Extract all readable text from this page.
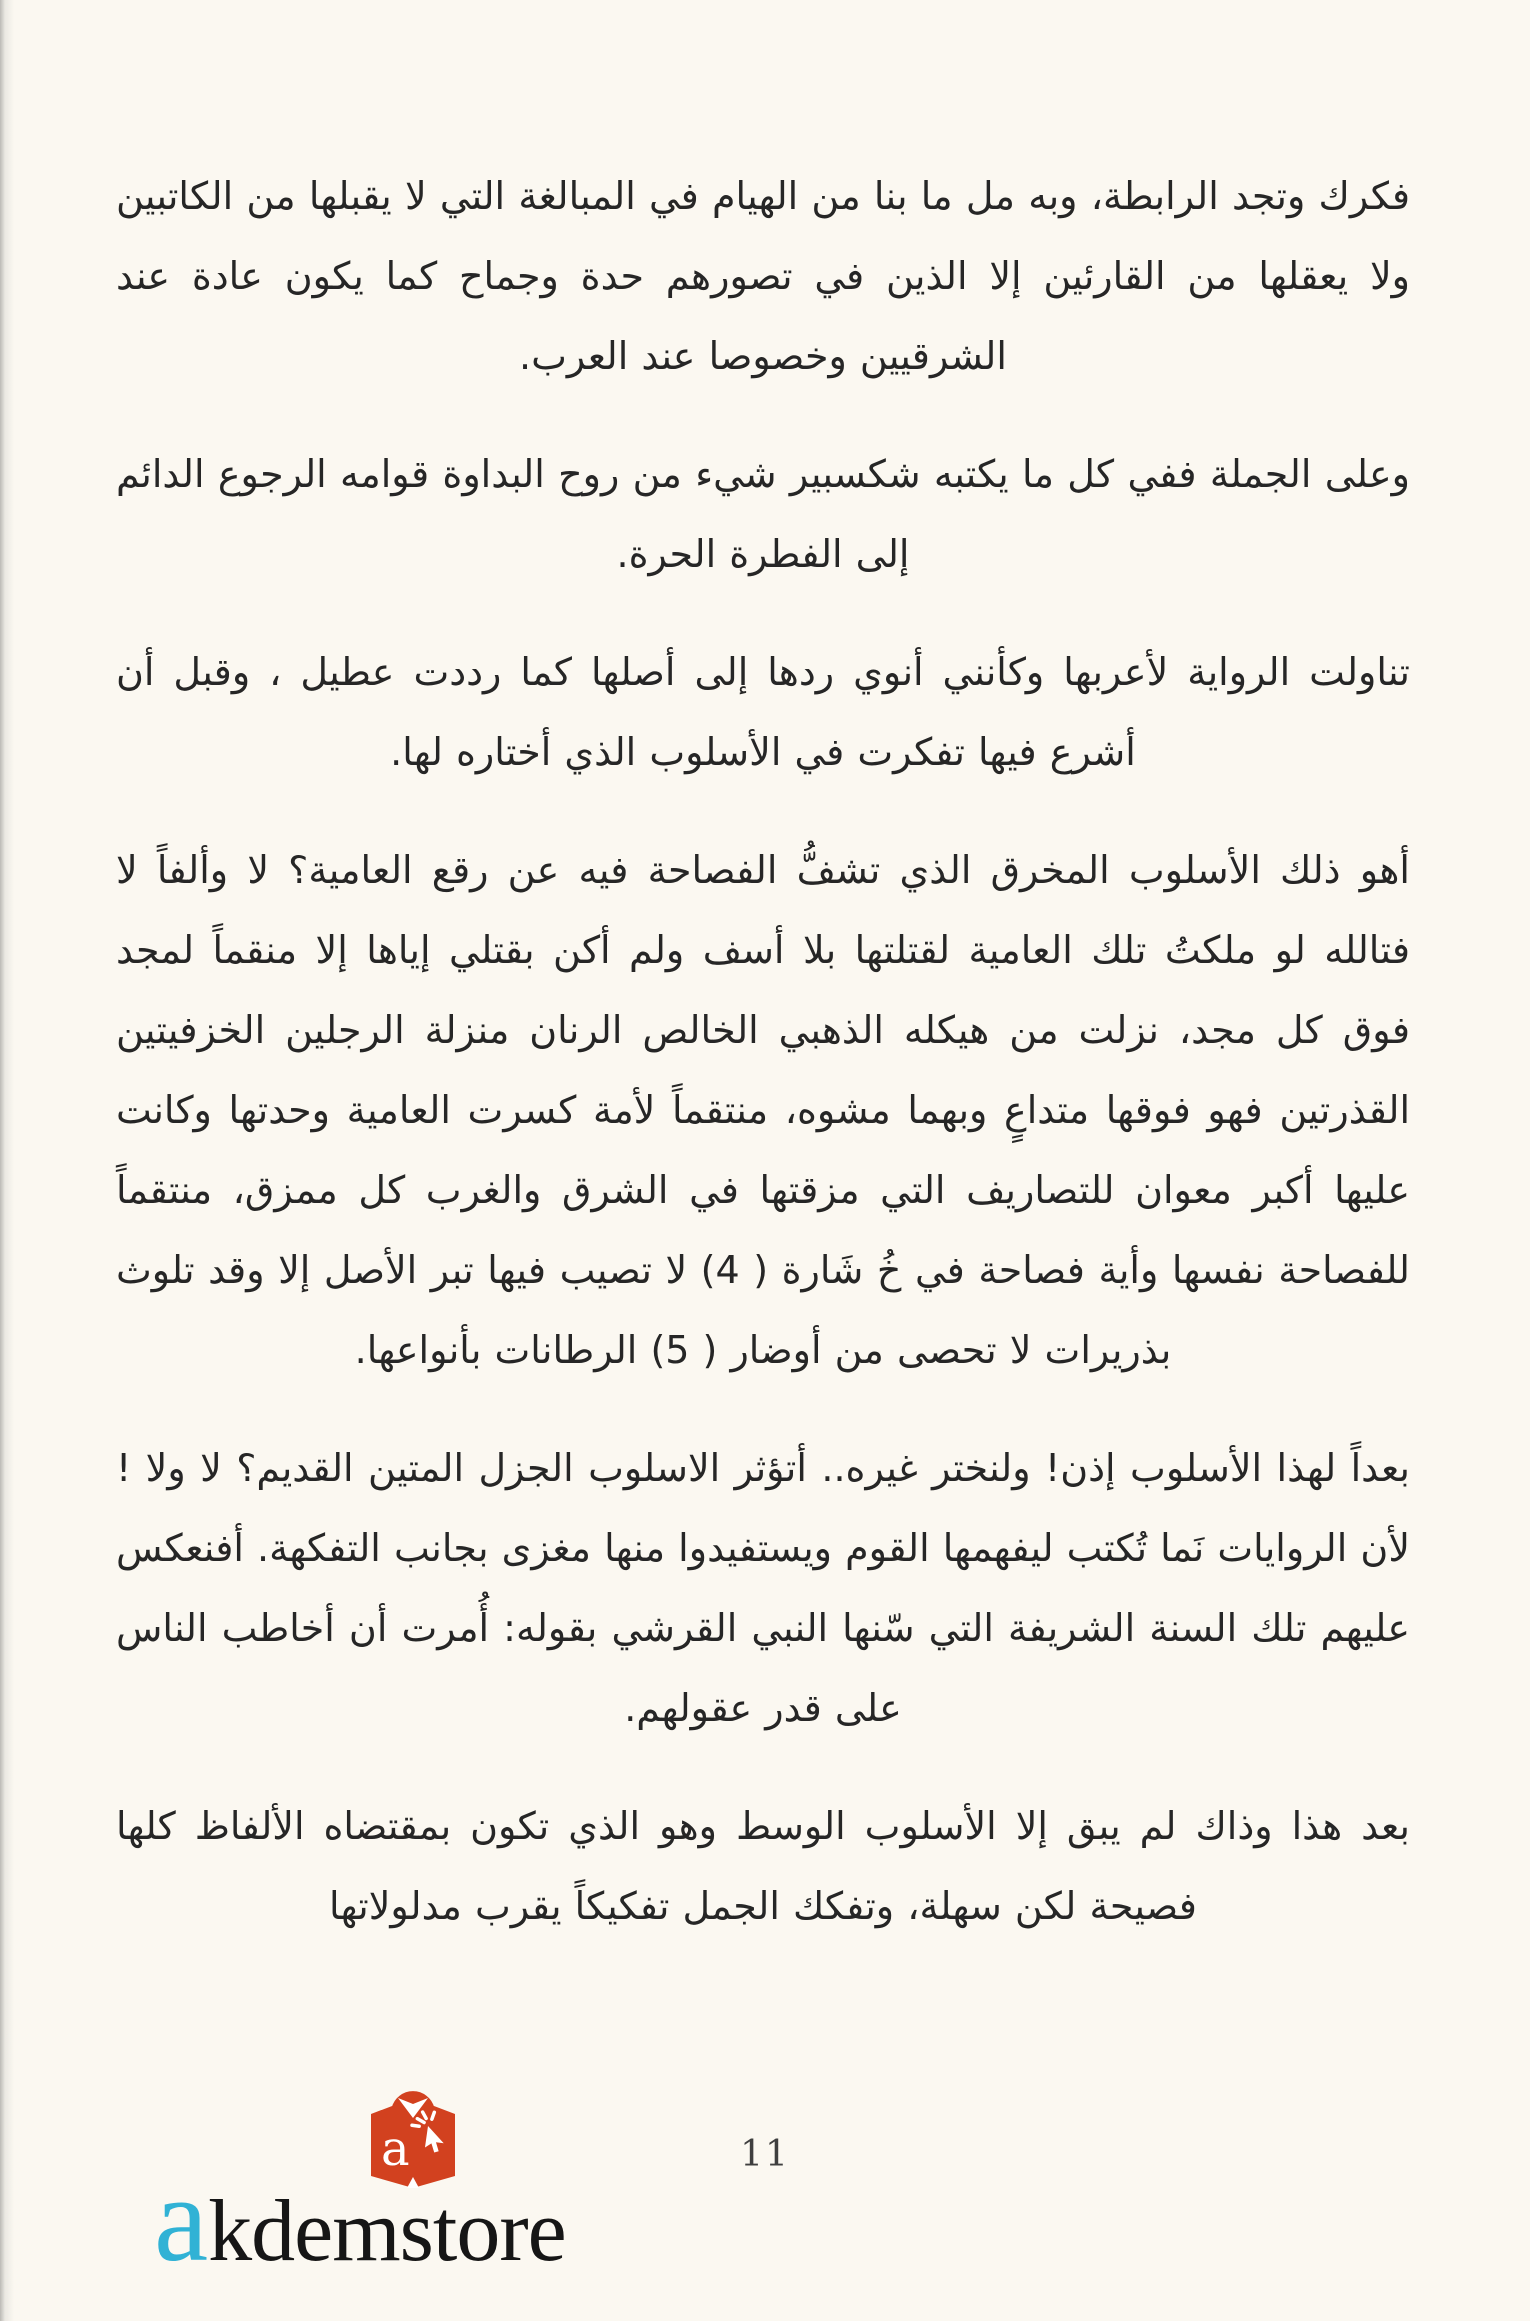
فكرك وتجد الرابطة، وبه مل ما بنا من الهيام في المبالغة التي لا يقبلها من الكاتبين ولا يعقلها من القارئين إلا الذين في تصورهم حدة وجماح كما يكون عادة عند الشرقيين وخصوصا عند العرب.

وعلى الجملة ففي كل ما يكتبه شكسبير شيء من روح البداوة قوامه الرجوع الدائم إلى الفطرة الحرة.

تناولت الرواية لأعربها وكأنني أنوي ردها إلى أصلها كما رددت عطيل ، وقبل أن أشرع فيها تفكرت في الأسلوب الذي أختاره لها.

أهو ذلك الأسلوب المخرق الذي تشفُّ الفصاحة فيه عن رقع العامية؟ لا وألفاً لا فتالله لو ملكتُ تلك العامية لقتلتها بلا أسف ولم أكن بقتلي إياها إلا منقماً لمجد فوق كل مجد، نزلت من هيكله الذهبي الخالص الرنان منزلة الرجلين الخزفيتين القذرتين فهو فوقها متداعٍ وبهما مشوه، منتقماً لأمة كسرت العامية وحدتها وكانت عليها أكبر معوان للتصاريف التي مزقتها في الشرق والغرب كل ممزق، منتقماً للفصاحة نفسها وأية فصاحة في خُ شَارة ( 4) لا تصيب فيها تبر الأصل إلا وقد تلوث بذريرات لا تحصى من أوضار ( 5) الرطانات بأنواعها.

بعداً لهذا الأسلوب إذن! ولنختر غيره.. أتؤثر الاسلوب الجزل المتين القديم؟ لا ولا ! لأن الروايات نَما تُكتب ليفهمها القوم ويستفيدوا منها مغزى بجانب التفكهة. أفنعكس عليهم تلك السنة الشريفة التي سّنها النبي القرشي بقوله: أُمرت أن أخاطب الناس على قدر عقولهم.

بعد هذا وذاك لم يبق إلا الأسلوب الوسط وهو الذي تكون بمقتضاه الألفاظ كلها فصيحة لكن سهلة، وتفكك الجمل تفكيكاً يقرب مدلولاتها

11
a
akdemstore
